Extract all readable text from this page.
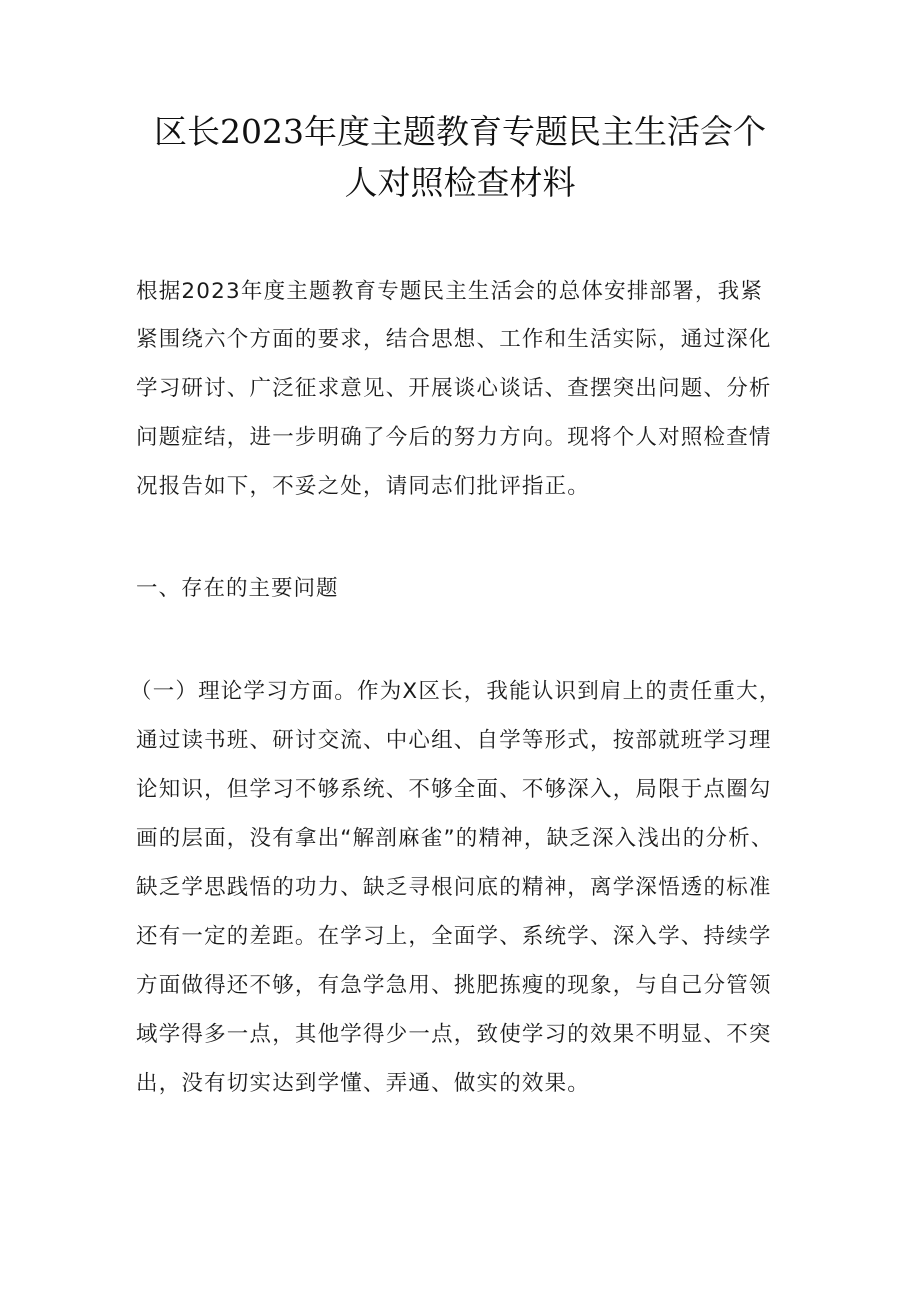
区长2023年度主题教育专题民主生活会个
人对照检查材料
根据2023年度主题教育专题民主生活会的总体安排部署，我紧
紧围绕六个方面的要求，结合思想、工作和生活实际，通过深化
学习研讨、广泛征求意见、开展谈心谈话、查摆突出问题、分析
问题症结，进一步明确了今后的努力方向。现将个人对照检查情
况报告如下，不妥之处，请同志们批评指正。
一、存在的主要问题
（一）理论学习方面。作为X区长，我能认识到肩上的责任重大，
通过读书班、研讨交流、中心组、自学等形式，按部就班学习理
论知识，但学习不够系统、不够全面、不够深入，局限于点圈勾
画的层面，没有拿出“解剖麻雀”的精神，缺乏深入浅出的分析、
缺乏学思践悟的功力、缺乏寻根问底的精神，离学深悟透的标准
还有一定的差距。在学习上，全面学、系统学、深入学、持续学
方面做得还不够，有急学急用、挑肥拣瘦的现象，与自己分管领
域学得多一点，其他学得少一点，致使学习的效果不明显、不突
出，没有切实达到学懂、弄通、做实的效果。
